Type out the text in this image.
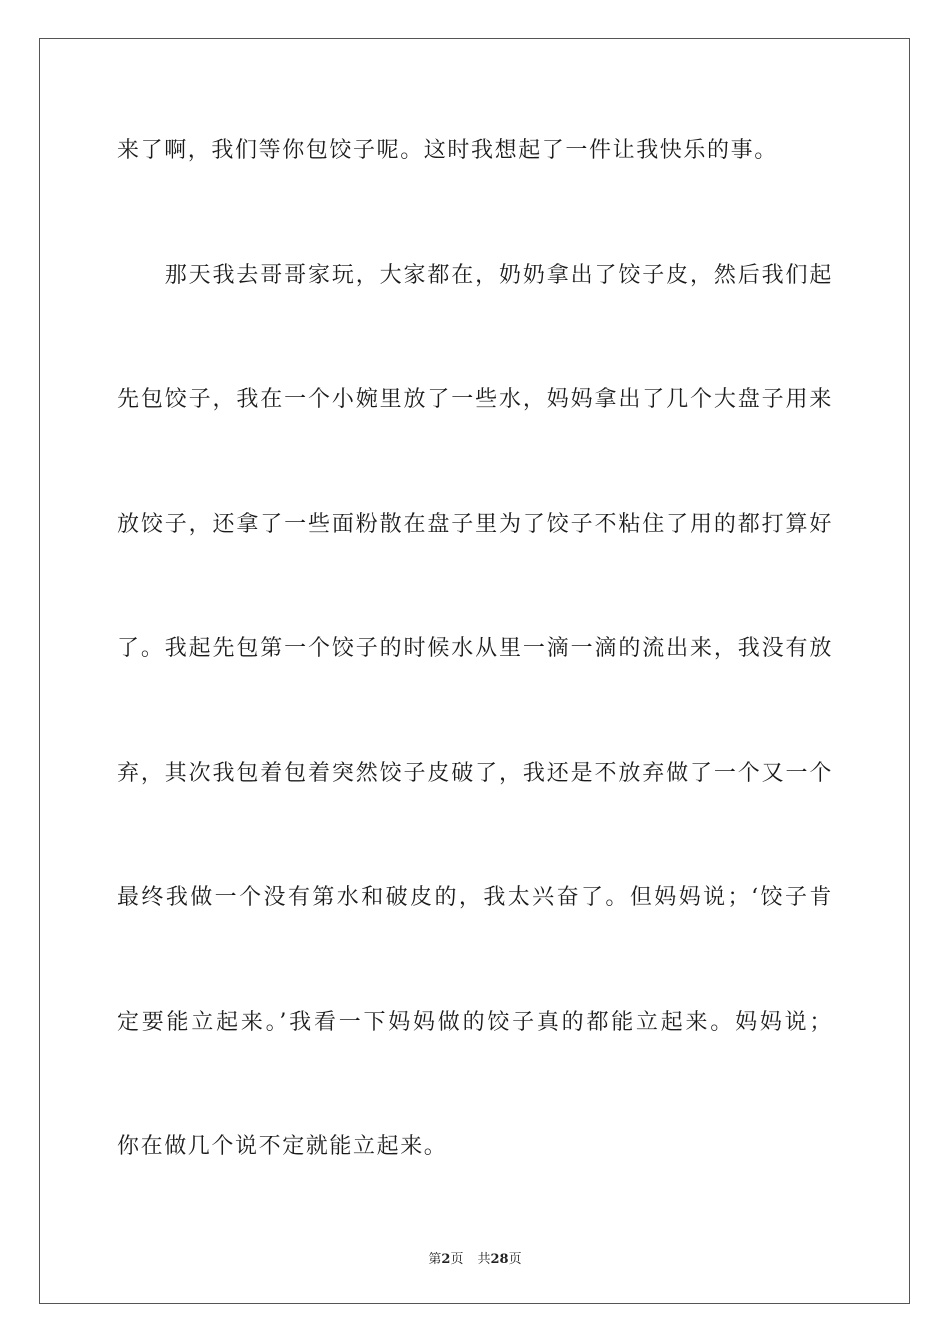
来了啊，我们等你包饺子呢。这时我想起了一件让我快乐的事。
　　那天我去哥哥家玩，大家都在，奶奶拿出了饺子皮，然后我们起
先包饺子，我在一个小婉里放了一些水，妈妈拿出了几个大盘子用来
放饺子，还拿了一些面粉散在盘子里为了饺子不粘住了用的都打算好
了。我起先包第一个饺子的时候水从里一滴一滴的流出来，我没有放
弃，其次我包着包着突然饺子皮破了，我还是不放弃做了一个又一个
最终我做一个没有第水和破皮的，我太兴奋了。但妈妈说；‘饺子肯
定要能立起来。’我看一下妈妈做的饺子真的都能立起来。妈妈说；
你在做几个说不定就能立起来。
第2页 共28页
